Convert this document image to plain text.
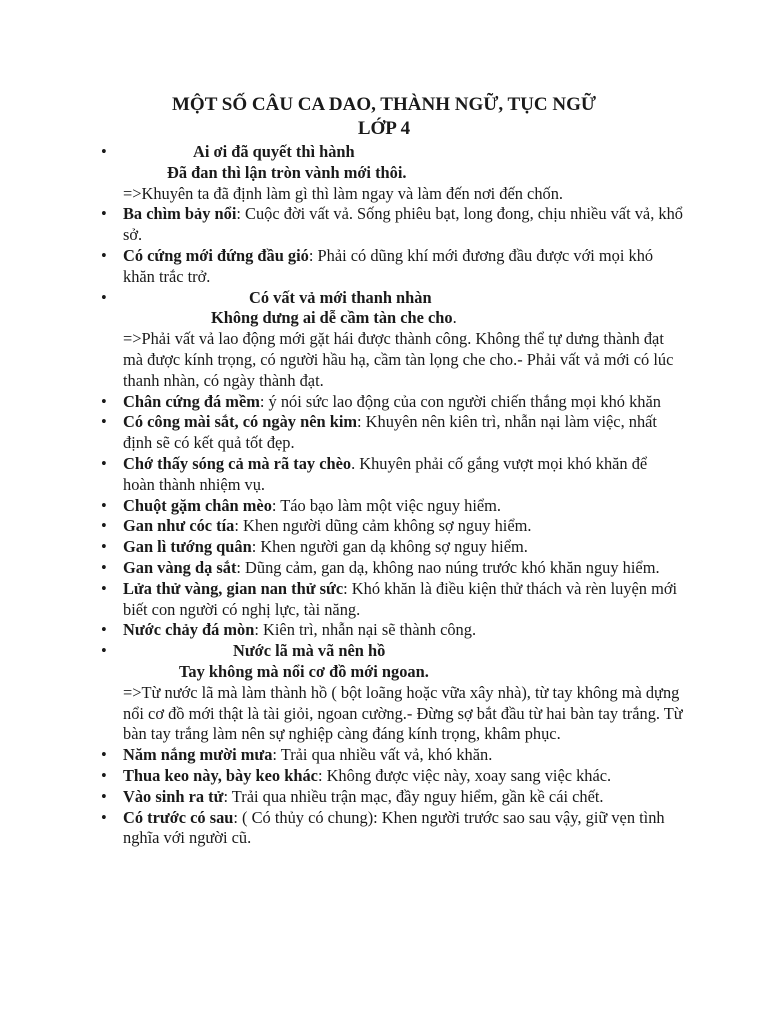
MỘT SỐ CÂU CA DAO, THÀNH NGỮ, TỤC NGỮ
LỚP 4
• Ai ơi đã quyết thì hành
Đã đan thì lận tròn vành mới thôi.
=>Khuyên ta đã định làm gì thì làm ngay và làm đến nơi đến chốn.
• Ba chìm bảy nổi: Cuộc đời vất vả. Sống phiêu bạt, long đong, chịu nhiều vất vả, khổ sở.
• Có cứng mới đứng đầu gió: Phải có dũng khí mới đương đầu được với mọi khó khăn trắc trở.
• Có vất vả mới thanh nhàn
Không dưng ai dễ cầm tàn che cho.
=>Phải vất vả lao động mới gặt hái được thành công. Không thể tự dưng thành đạt mà được kính trọng, có người hầu hạ, cầm tàn lọng che cho.- Phải vất vả mới có lúc thanh nhàn, có ngày thành đạt.
• Chân cứng đá mềm: ý nói sức lao động của con người chiến thắng mọi khó khăn
• Có công mài sắt, có ngày nên kim: Khuyên nên kiên trì, nhẫn nại làm việc, nhất định sẽ có kết quả tốt đẹp.
• Chớ thấy sóng cả mà rã tay chèo. Khuyên phải cố gắng vượt mọi khó khăn để hoàn thành nhiệm vụ.
• Chuột gặm chân mèo: Táo bạo làm một việc nguy hiểm.
• Gan như cóc tía: Khen người dũng cảm không sợ nguy hiểm.
• Gan lì tướng quân: Khen người gan dạ không sợ nguy hiểm.
• Gan vàng dạ sắt: Dũng cảm, gan dạ, không nao núng trước khó khăn nguy hiểm.
• Lửa thử vàng, gian nan thử sức: Khó khăn là điều kiện thử thách và rèn luyện mới biết con người có nghị lực, tài năng.
• Nước chảy đá mòn: Kiên trì, nhẫn nại sẽ thành công.
• Nước lã mà vã nên hồ
Tay không mà nổi cơ đồ mới ngoan.
=>Từ nước lã mà làm thành hồ ( bột loãng hoặc vữa xây nhà), từ tay không mà dựng nổi cơ đồ mới thật là tài giỏi, ngoan cường.- Đừng sợ bắt đầu từ hai bàn tay trắng. Từ bàn tay trắng làm nên sự nghiệp càng đáng kính trọng, khâm phục.
• Năm nắng mười mưa: Trải qua nhiều vất vả, khó khăn.
• Thua keo này, bày keo khác: Không được việc này, xoay sang việc khác.
• Vào sinh ra tử: Trải qua nhiều trận mạc, đầy nguy hiểm, gần kề cái chết.
• Có trước có sau: ( Có thủy có chung): Khen người trước sao sau vậy, giữ vẹn tình nghĩa với người cũ.
